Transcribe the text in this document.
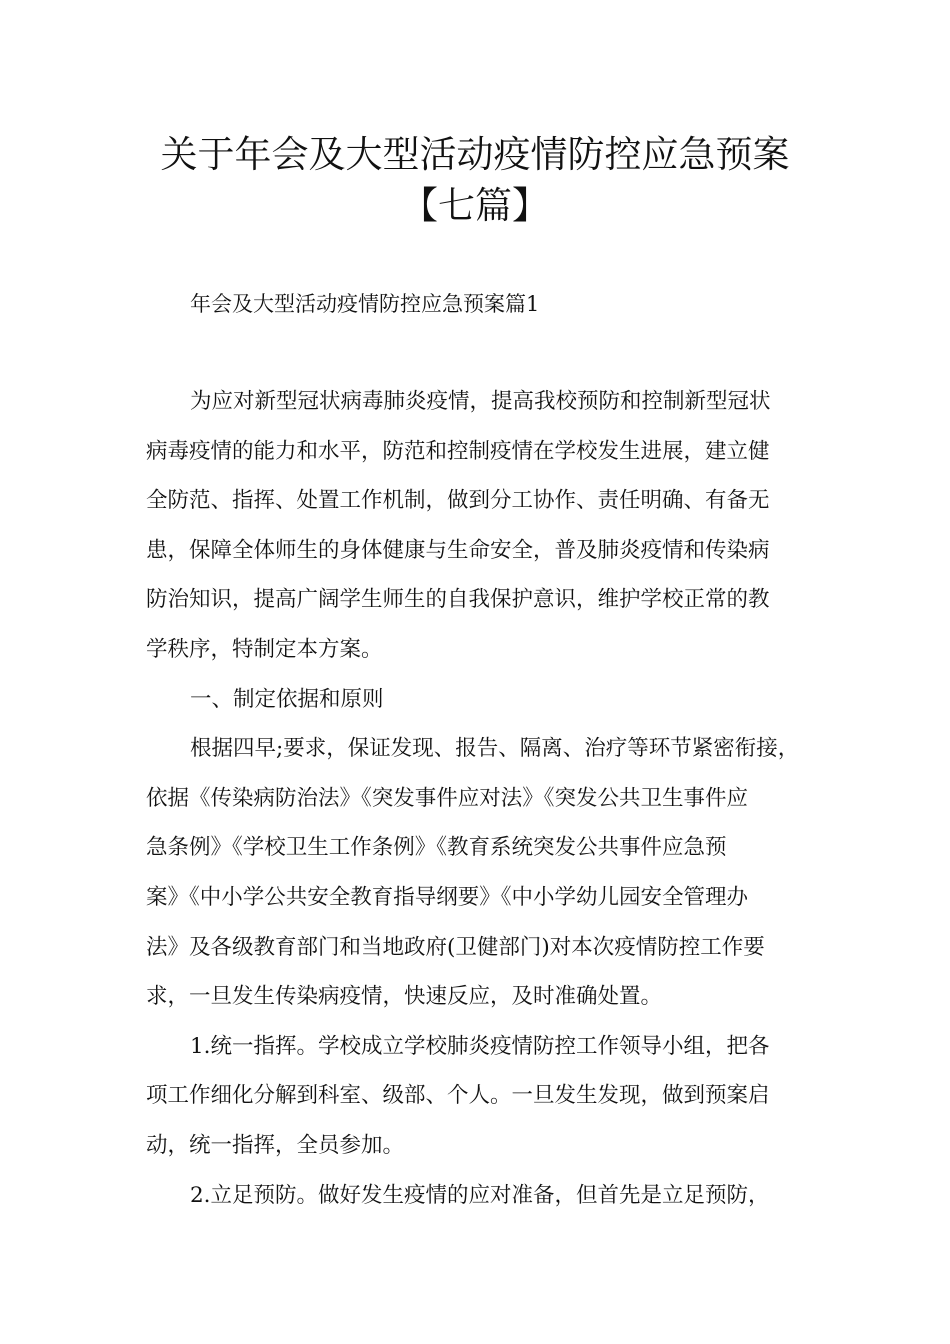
关于年会及大型活动疫情防控应急预案
【七篇】
年会及大型活动疫情防控应急预案篇1
为应对新型冠状病毒肺炎疫情，提高我校预防和控制新型冠状
病毒疫情的能力和水平，防范和控制疫情在学校发生进展，建立健
全防范、指挥、处置工作机制，做到分工协作、责任明确、有备无
患，保障全体师生的身体健康与生命安全，普及肺炎疫情和传染病
防治知识，提高广阔学生师生的自我保护意识，维护学校正常的教
学秩序，特制定本方案。
一、制定依据和原则
根据四早;要求，保证发现、报告、隔离、治疗等环节紧密衔接，
依据《传染病防治法》《突发事件应对法》《突发公共卫生事件应
急条例》《学校卫生工作条例》《教育系统突发公共事件应急预
案》《中小学公共安全教育指导纲要》《中小学幼儿园安全管理办
法》及各级教育部门和当地政府(卫健部门)对本次疫情防控工作要
求，一旦发生传染病疫情，快速反应，及时准确处置。
1.统一指挥。学校成立学校肺炎疫情防控工作领导小组，把各
项工作细化分解到科室、级部、个人。一旦发生发现，做到预案启
动，统一指挥，全员参加。
2.立足预防。做好发生疫情的应对准备，但首先是立足预防，
